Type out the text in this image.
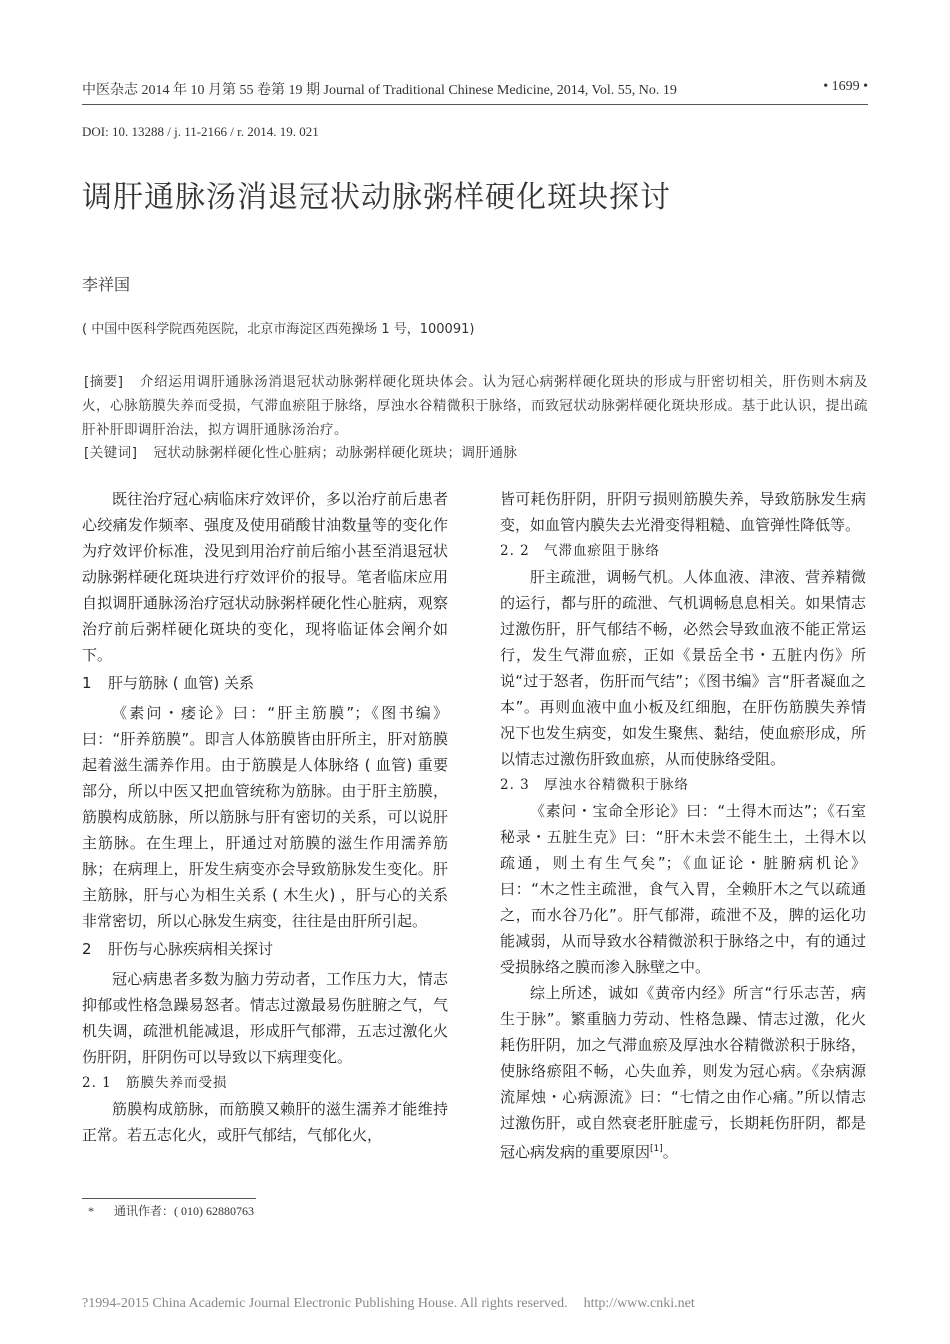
中医杂志 2014 年 10 月第 55 卷第 19 期 Journal of Traditional Chinese Medicine, 2014, Vol. 55, No. 19	• 1699 •
DOI: 10. 13288 / j. 11-2166 / r. 2014. 19. 021
调肝通脉汤消退冠状动脉粥样硬化斑块探讨
李祥国
( 中国中医科学院西苑医院，北京市海淀区西苑操场 1 号，100091)
[ 摘要 ] 介绍运用调肝通脉汤消退冠状动脉粥样硬化斑块体会。认为冠心病粥样硬化斑块的形成与肝密切相关，肝伤则木病及火，心脉筋膜失养而受损，气滞血瘀阻于脉络，厚浊水谷精微积于脉络，而致冠状动脉粥样硬化斑块形成。基于此认识，提出疏肝补肝即调肝治法，拟方调肝通脉汤治疗。
[ 关键词 ] 冠状动脉粥样硬化性心脏病；动脉粥样硬化斑块；调肝通脉

既往治疗冠心病临床疗效评价，多以治疗前后患者心绞痛发作频率、强度及使用硝酸甘油数量等的变化作为疗效评价标准，没见到用治疗前后缩小甚至消退冠状动脉粥样硬化斑块进行疗效评价的报导。笔者临床应用自拟调肝通脉汤治疗冠状动脉粥样硬化性心脏病，观察治疗前后粥样硬化斑块的变化，现将临证体会阐介如下。

1 肝与筋脉 ( 血管) 关系

《素问・痿论》曰：“肝主筋膜”；《图书编》曰：“肝养筋膜”。即言人体筋膜皆由肝所主，肝对筋膜起着滋生濡养作用。由于筋膜是人体脉络 ( 血管) 重要部分，所以中医又把血管统称为筋脉。由于肝主筋膜，筋膜构成筋脉，所以筋脉与肝有密切的关系，可以说肝主筋脉。在生理上，肝通过对筋膜的滋生作用濡养筋脉；在病理上，肝发生病变亦会导致筋脉发生变化。肝主筋脉，肝与心为相生关系 ( 木生火) ，肝与心的关系非常密切，所以心脉发生病变，往往是由肝所引起。

2 肝伤与心脉疾病相关探讨

冠心病患者多数为脑力劳动者，工作压力大，情志抑郁或性格急躁易怒者。情志过激最易伤脏腑之气，气机失调，疏泄机能减退，形成肝气郁滞，五志过激化火伤肝阴，肝阴伤可以导致以下病理变化。

2. 1 筋膜失养而受损

筋膜构成筋脉，而筋膜又赖肝的滋生濡养才能维持正常。若五志化火，或肝气郁结，气郁化火，

皆可耗伤肝阴，肝阴亏损则筋膜失养，导致筋脉发生病变，如血管内膜失去光滑变得粗糙、血管弹性降低等。

2. 2 气滞血瘀阻于脉络

肝主疏泄，调畅气机。人体血液、津液、营养精微的运行，都与肝的疏泄、气机调畅息息相关。如果情志过激伤肝，肝气郁结不畅，必然会导致血液不能正常运行，发生气滞血瘀，正如《景岳全书・五脏内伤》所说“过于怒者，伤肝而气结”；《图书编》言“肝者凝血之本”。再则血液中血小板及红细胞，在肝伤筋膜失养情况下也发生病变，如发生聚焦、黏结，使血瘀形成，所以情志过激伤肝致血瘀，从而使脉络受阻。

2. 3 厚浊水谷精微积于脉络

《素问・宝命全形论》曰：“土得木而达”；《石室秘录・五脏生克》曰：“肝木未尝不能生土，土得木以疏通，则土有生气矣”；《血证论・脏腑病机论》曰：“木之性主疏泄，食气入胃，全赖肝木之气以疏通之，而水谷乃化”。肝气郁滞，疏泄不及，脾的运化功能减弱，从而导致水谷精微淤积于脉络之中，有的通过受损脉络之膜而渗入脉壁之中。

综上所述，诚如《黄帝内经》所言“行乐志苦，病生于脉”。繁重脑力劳动、性格急躁、情志过激，化火耗伤肝阴，加之气滞血瘀及厚浊水谷精微淤积于脉络，使脉络瘀阻不畅，心失血养，则发为冠心病。《杂病源流犀烛・心病源流》曰：“七情之由作心痛。”所以情志过激伤肝，或自然衰老肝脏虚亏，长期耗伤肝阴，都是冠心病发病的重要原因[1]。

* 通讯作者：( 010) 62880763
?1994-2015 China Academic Journal Electronic Publishing House. All rights reserved. http://www.cnki.net
